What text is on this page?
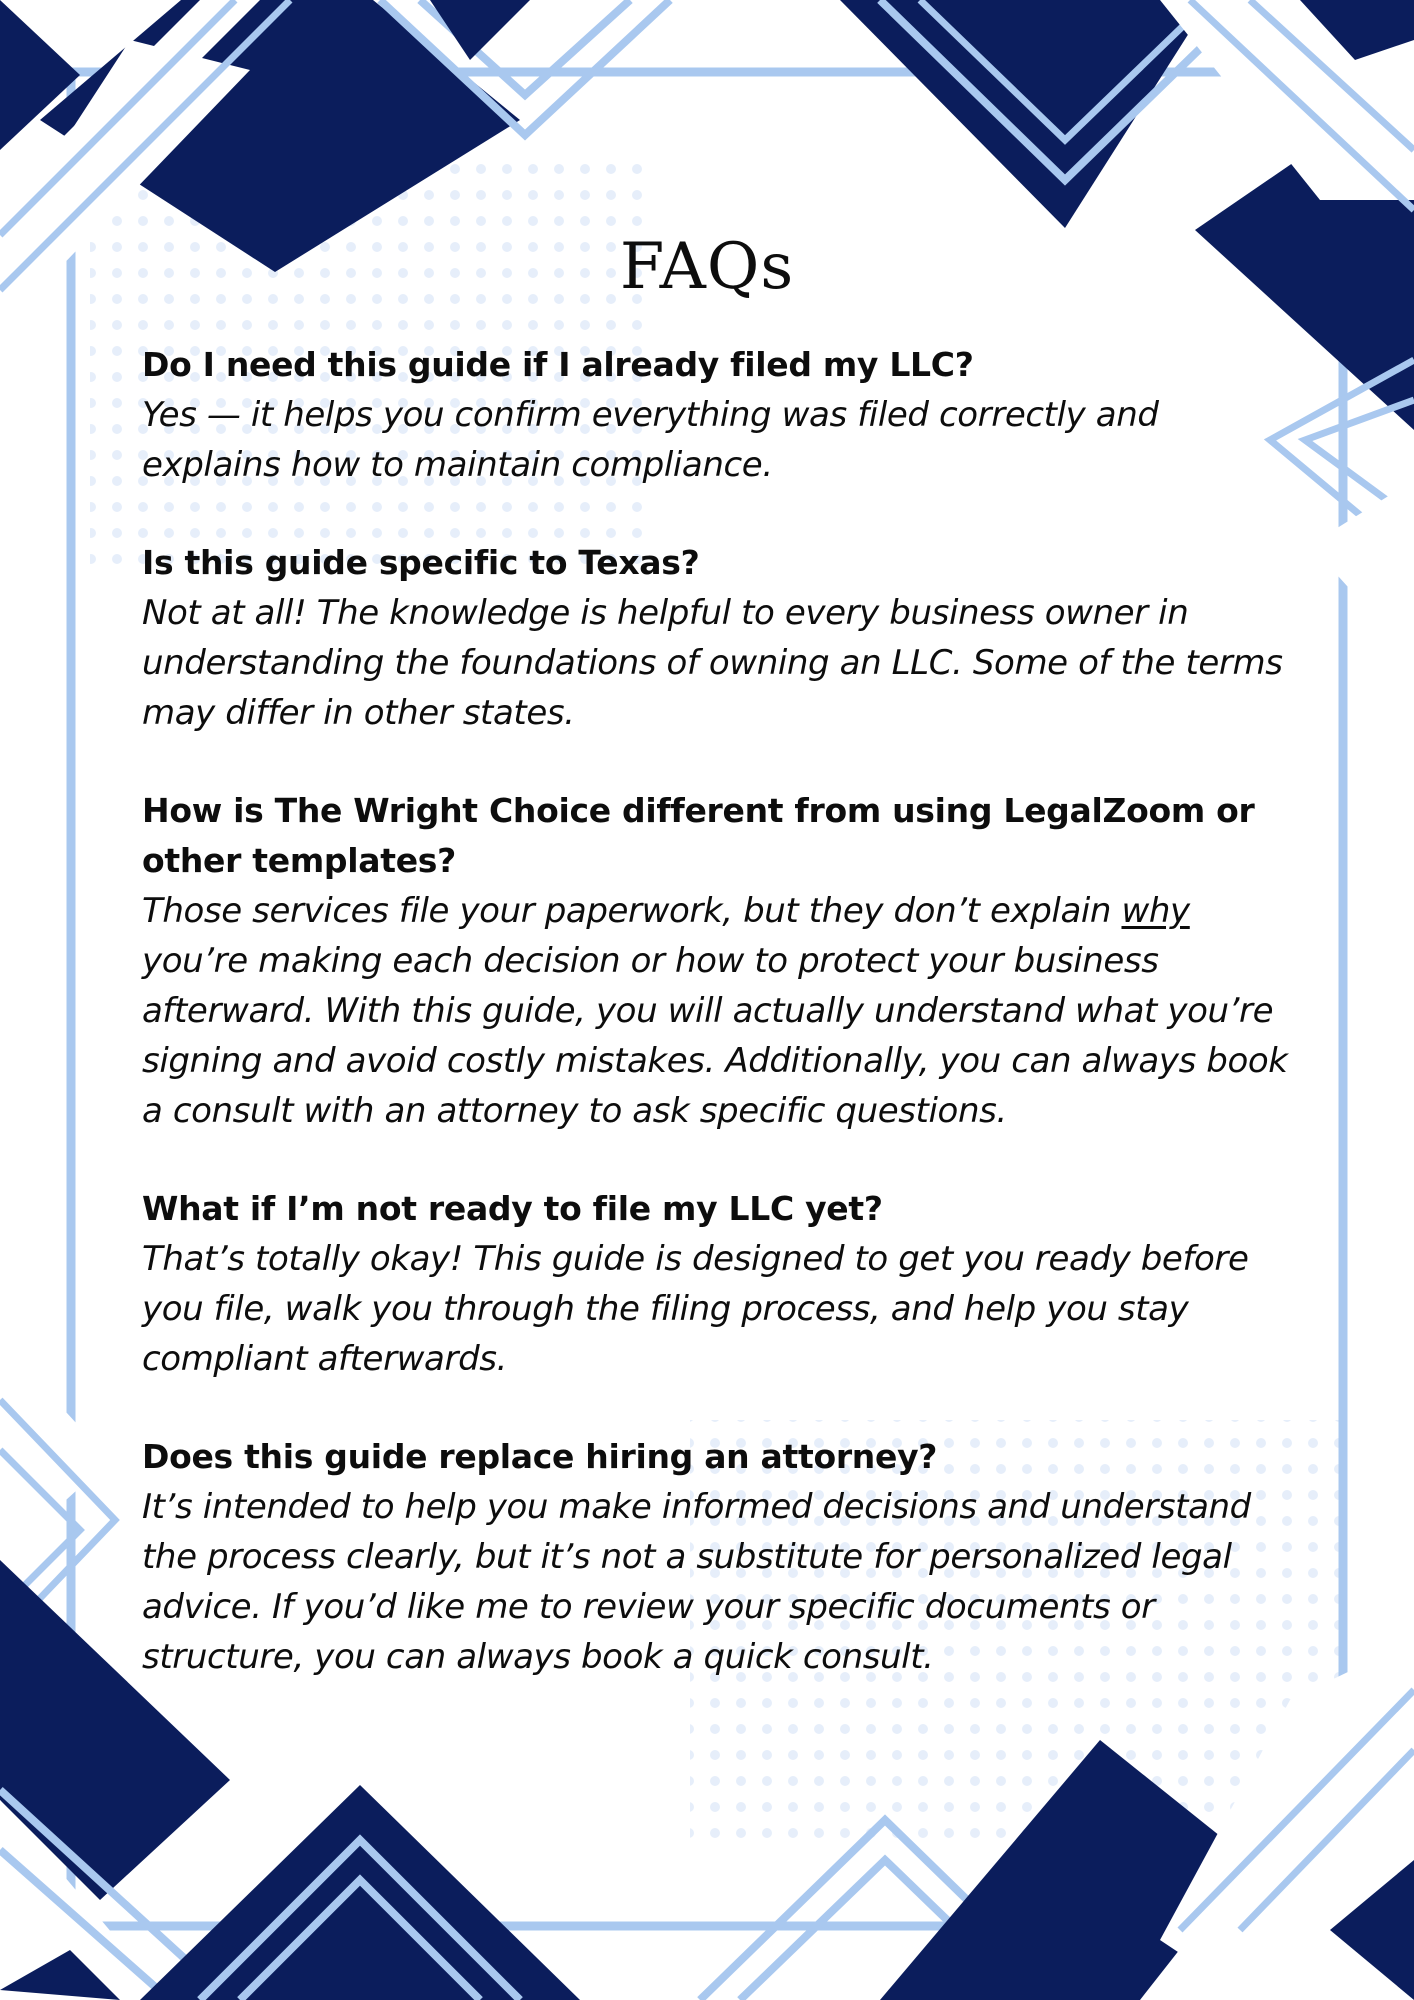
FAQs

Do I need this guide if I already filed my LLC?

Yes — it helps you confirm everything was filed correctly and explains how to maintain compliance.

Is this guide specific to Texas?

Not at all! The knowledge is helpful to every business owner in understanding the foundations of owning an LLC. Some of the terms may differ in other states.

How is The Wright Choice different from using LegalZoom or other templates?

Those services file your paperwork, but they don’t explain why you’re making each decision or how to protect your business afterward. With this guide, you will actually understand what you’re signing and avoid costly mistakes. Additionally, you can always book a consult with an attorney to ask specific questions.

What if I’m not ready to file my LLC yet?

That’s totally okay! This guide is designed to get you ready before you file, walk you through the filing process, and help you stay compliant afterwards.

Does this guide replace hiring an attorney?

It’s intended to help you make informed decisions and understand the process clearly, but it’s not a substitute for personalized legal advice. If you’d like me to review your specific documents or structure, you can always book a quick consult.
